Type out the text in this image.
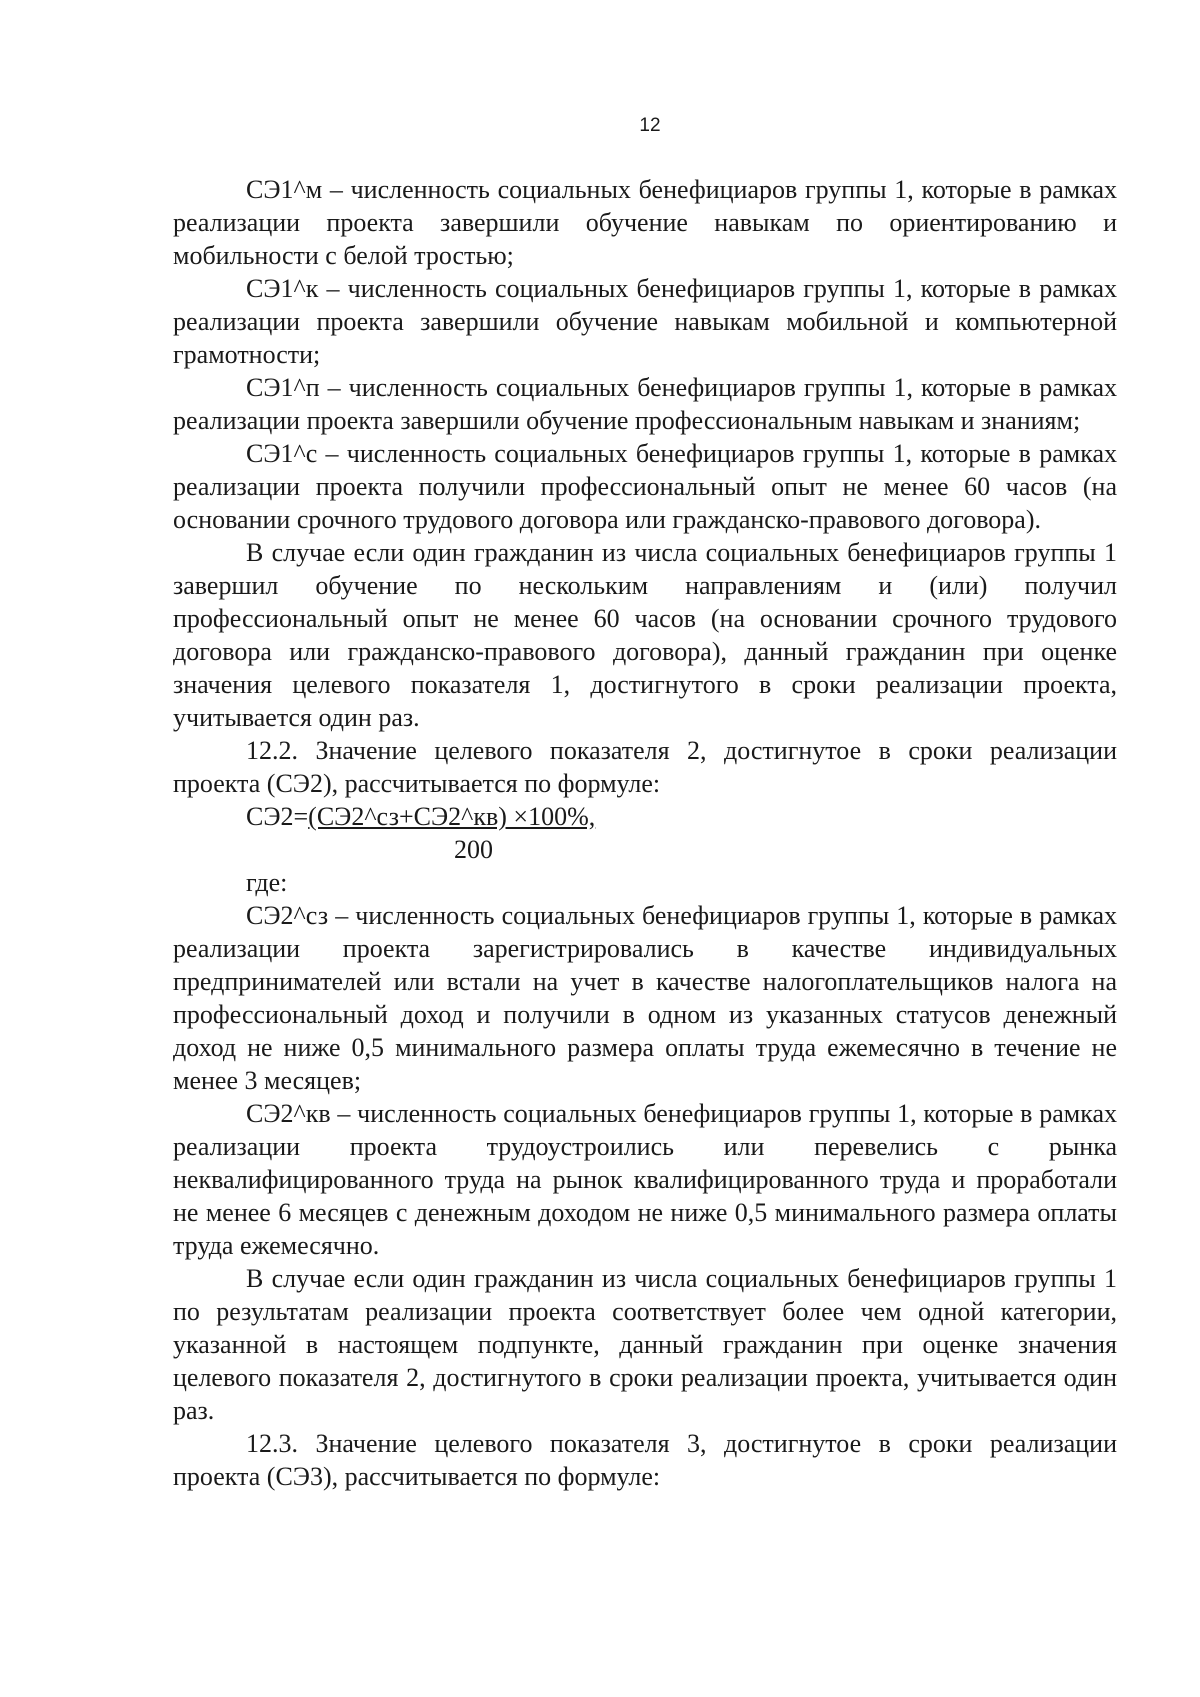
12

СЭ1^м – численность социальных бенефициаров группы 1, которые в рамках реализации проекта завершили обучение навыкам по ориентированию и мобильности с белой тростью;

СЭ1^к – численность социальных бенефициаров группы 1, которые в рамках реализации проекта завершили обучение навыкам мобильной и компьютерной грамотности;

СЭ1^п – численность социальных бенефициаров группы 1, которые в рамках реализации проекта завершили обучение профессиональным навыкам и знаниям;

СЭ1^с – численность социальных бенефициаров группы 1, которые в рамках реализации проекта получили профессиональный опыт не менее 60 часов (на основании срочного трудового договора или гражданско-правового договора).

В случае если один гражданин из числа социальных бенефициаров группы 1 завершил обучение по нескольким направлениям и (или) получил профессиональный опыт не менее 60 часов (на основании срочного трудового договора или гражданско-правового договора), данный гражданин при оценке значения целевого показателя 1, достигнутого в сроки реализации проекта, учитывается один раз.

12.2. Значение целевого показателя 2, достигнутое в сроки реализации проекта (СЭ2), рассчитывается по формуле:

СЭ2=(СЭ2^сз+СЭ2^кв) ×100%,

200

где:

СЭ2^сз – численность социальных бенефициаров группы 1, которые в рамках реализации проекта зарегистрировались в качестве индивидуальных предпринимателей или встали на учет в качестве налогоплательщиков налога на профессиональный доход и получили в одном из указанных статусов денежный доход не ниже 0,5 минимального размера оплаты труда ежемесячно в течение не менее 3 месяцев;

СЭ2^кв – численность социальных бенефициаров группы 1, которые в рамках реализации проекта трудоустроились или перевелись с рынка неквалифицированного труда на рынок квалифицированного труда и проработали не менее 6 месяцев с денежным доходом не ниже 0,5 минимального размера оплаты труда ежемесячно.

В случае если один гражданин из числа социальных бенефициаров группы 1 по результатам реализации проекта соответствует более чем одной категории, указанной в настоящем подпункте, данный гражданин при оценке значения целевого показателя 2, достигнутого в сроки реализации проекта, учитывается один раз.

12.3. Значение целевого показателя 3, достигнутое в сроки реализации проекта (СЭ3), рассчитывается по формуле:
